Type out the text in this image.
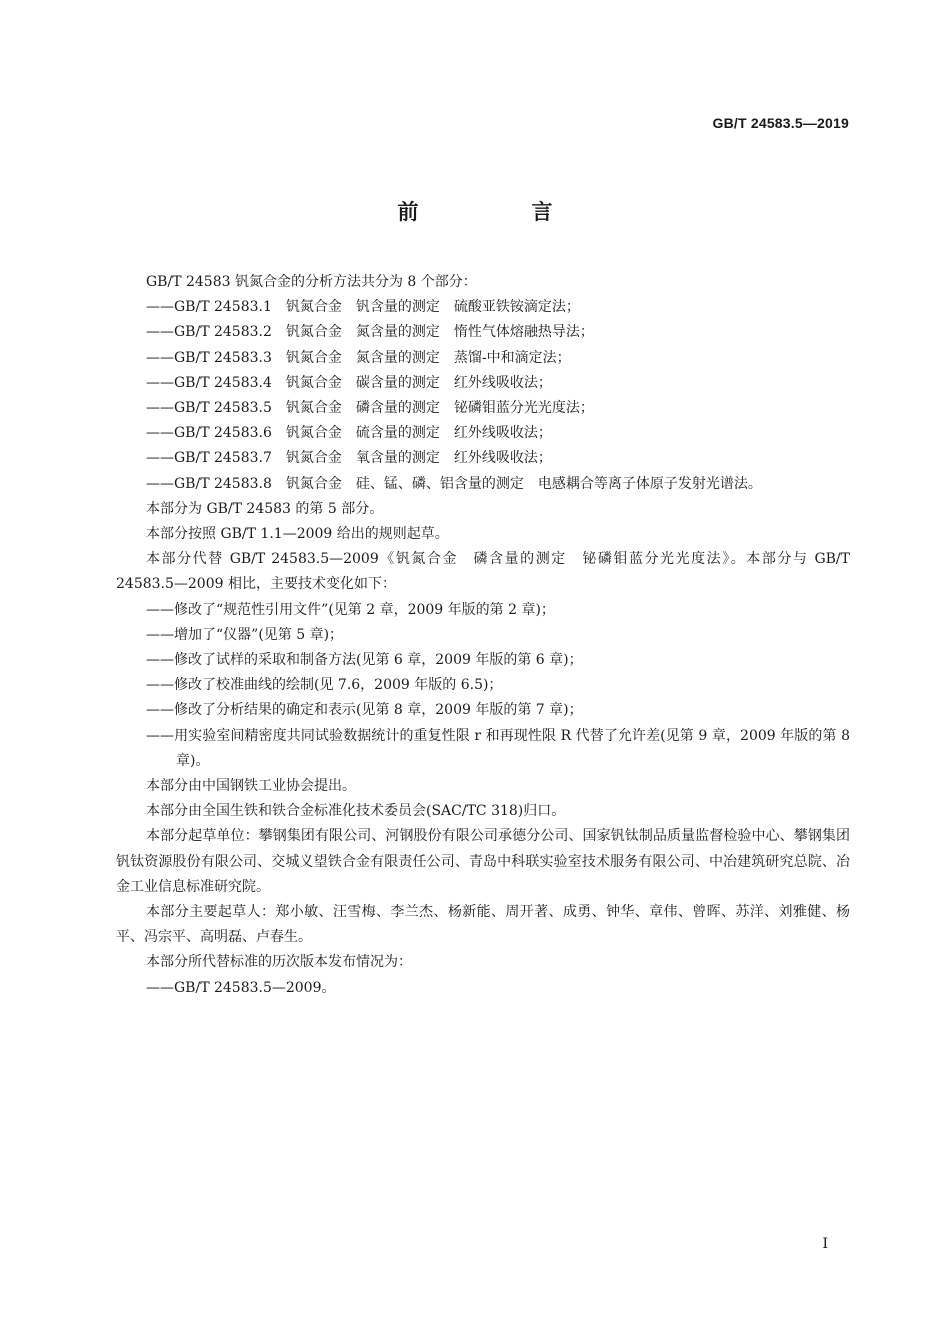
GB/T 24583.5—2019
前　言

GB/T 24583 钒氮合金的分析方法共分为 8 个部分：

——GB/T 24583.1 钒氮合金 钒含量的测定 硫酸亚铁铵滴定法；

——GB/T 24583.2 钒氮合金 氮含量的测定 惰性气体熔融热导法；

——GB/T 24583.3 钒氮合金 氮含量的测定 蒸馏-中和滴定法；

——GB/T 24583.4 钒氮合金 碳含量的测定 红外线吸收法；

——GB/T 24583.5 钒氮合金 磷含量的测定 铋磷钼蓝分光光度法；

——GB/T 24583.6 钒氮合金 硫含量的测定 红外线吸收法；

——GB/T 24583.7 钒氮合金 氧含量的测定 红外线吸收法；

——GB/T 24583.8 钒氮合金 硅、锰、磷、铝含量的测定 电感耦合等离子体原子发射光谱法。

本部分为 GB/T 24583 的第 5 部分。

本部分按照 GB/T 1.1—2009 给出的规则起草。

本部分代替 GB/T 24583.5—2009《钒氮合金　磷含量的测定　铋磷钼蓝分光光度法》。本部分与 GB/T 24583.5—2009 相比，主要技术变化如下：

——修改了“规范性引用文件”(见第 2 章，2009 年版的第 2 章)；

——增加了“仪器”(见第 5 章)；

——修改了试样的采取和制备方法(见第 6 章，2009 年版的第 6 章)；

——修改了校准曲线的绘制(见 7.6，2009 年版的 6.5)；

——修改了分析结果的确定和表示(见第 8 章，2009 年版的第 7 章)；

——用实验室间精密度共同试验数据统计的重复性限 r 和再现性限 R 代替了允许差(见第 9 章，2009 年版的第 8 章)。

本部分由中国钢铁工业协会提出。

本部分由全国生铁和铁合金标准化技术委员会(SAC/TC 318)归口。

本部分起草单位：攀钢集团有限公司、河钢股份有限公司承德分公司、国家钒钛制品质量监督检验中心、攀钢集团钒钛资源股份有限公司、交城义望铁合金有限责任公司、青岛中科联实验室技术服务有限公司、中冶建筑研究总院、冶金工业信息标准研究院。

本部分主要起草人：郑小敏、汪雪梅、李兰杰、杨新能、周开著、成勇、钟华、章伟、曾晖、苏洋、刘雅健、杨平、冯宗平、高明磊、卢春生。

本部分所代替标准的历次版本发布情况为：

——GB/T 24583.5—2009。

I
